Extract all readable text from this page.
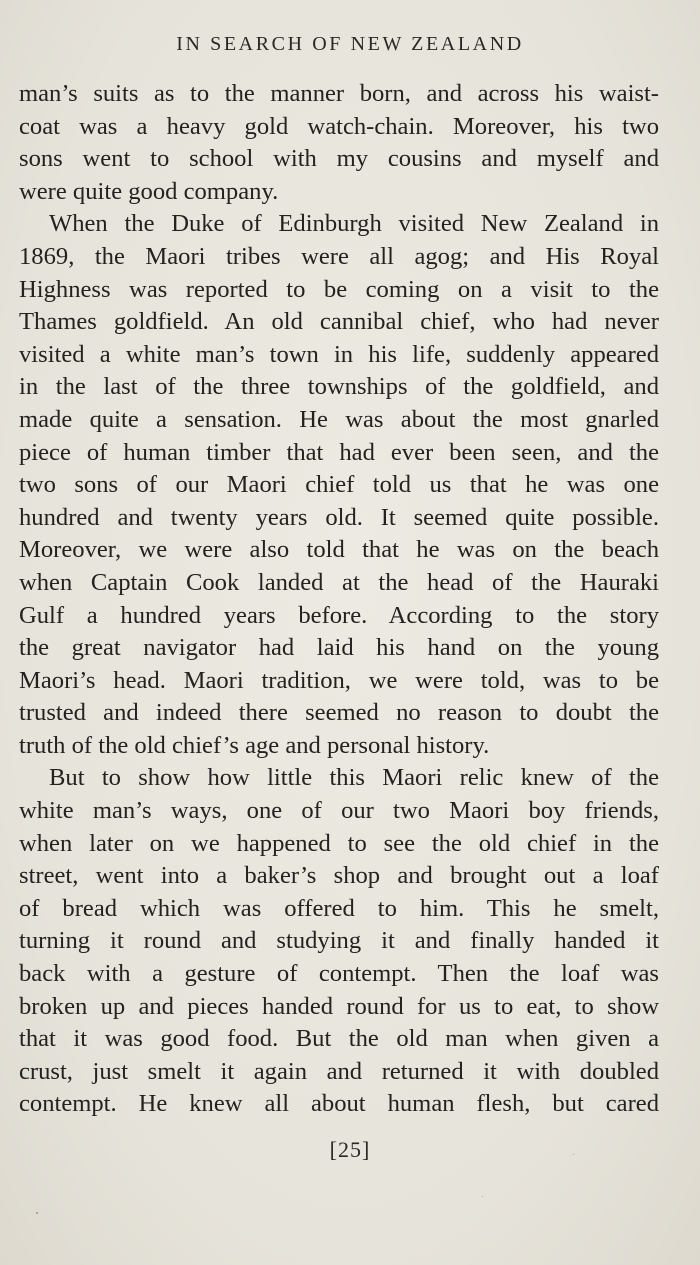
IN SEARCH OF NEW ZEALAND
man’s suits as to the manner born, and across his waist-
coat was a heavy gold watch-chain. Moreover, his two
sons went to school with my cousins and myself and
were quite good company.
When the Duke of Edinburgh visited New Zealand in
1869, the Maori tribes were all agog; and His Royal
Highness was reported to be coming on a visit to the
Thames goldfield. An old cannibal chief, who had never
visited a white man’s town in his life, suddenly appeared
in the last of the three townships of the goldfield, and
made quite a sensation. He was about the most gnarled
piece of human timber that had ever been seen, and the
two sons of our Maori chief told us that he was one
hundred and twenty years old. It seemed quite possible.
Moreover, we were also told that he was on the beach
when Captain Cook landed at the head of the Hauraki
Gulf a hundred years before. According to the story
the great navigator had laid his hand on the young
Maori’s head. Maori tradition, we were told, was to be
trusted and indeed there seemed no reason to doubt the
truth of the old chief’s age and personal history.
But to show how little this Maori relic knew of the
white man’s ways, one of our two Maori boy friends,
when later on we happened to see the old chief in the
street, went into a baker’s shop and brought out a loaf
of bread which was offered to him. This he smelt,
turning it round and studying it and finally handed it
back with a gesture of contempt. Then the loaf was
broken up and pieces handed round for us to eat, to show
that it was good food. But the old man when given a
crust, just smelt it again and returned it with doubled
contempt. He knew all about human flesh, but cared
[25]
